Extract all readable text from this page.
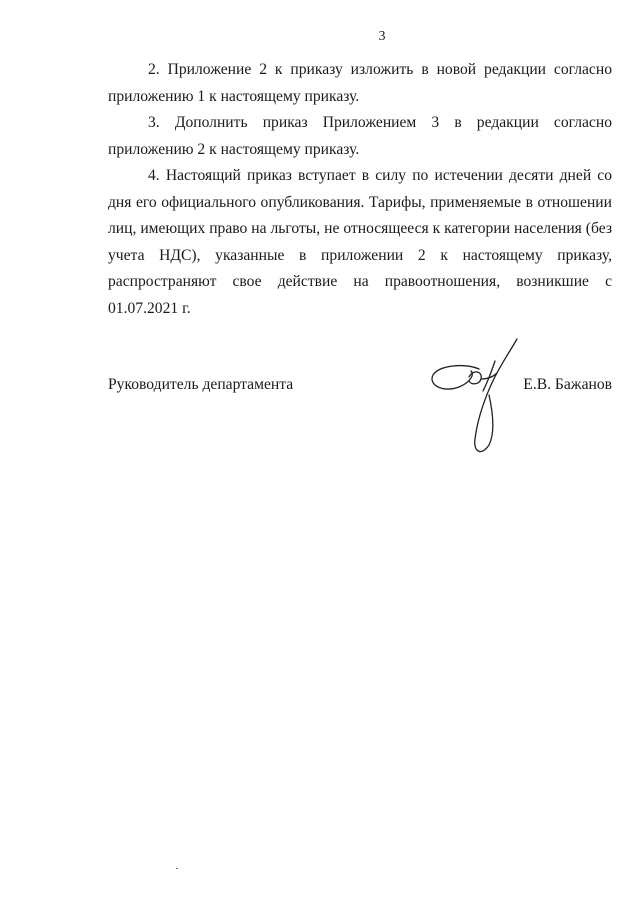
3

2. Приложение 2 к приказу изложить в новой редакции согласно приложению 1 к настоящему приказу.

3. Дополнить приказ Приложением 3 в редакции согласно приложению 2 к настоящему приказу.

4. Настоящий приказ вступает в силу по истечении десяти дней со дня его официального опубликования. Тарифы, применяемые в отношении лиц, имеющих право на льготы, не относящееся к категории населения (без учета НДС), указанные в приложении 2 к настоящему приказу, распространяют свое действие на правоотношения, возникшие с 01.07.2021 г.

Руководитель департамента	Е.В. Бажанов
